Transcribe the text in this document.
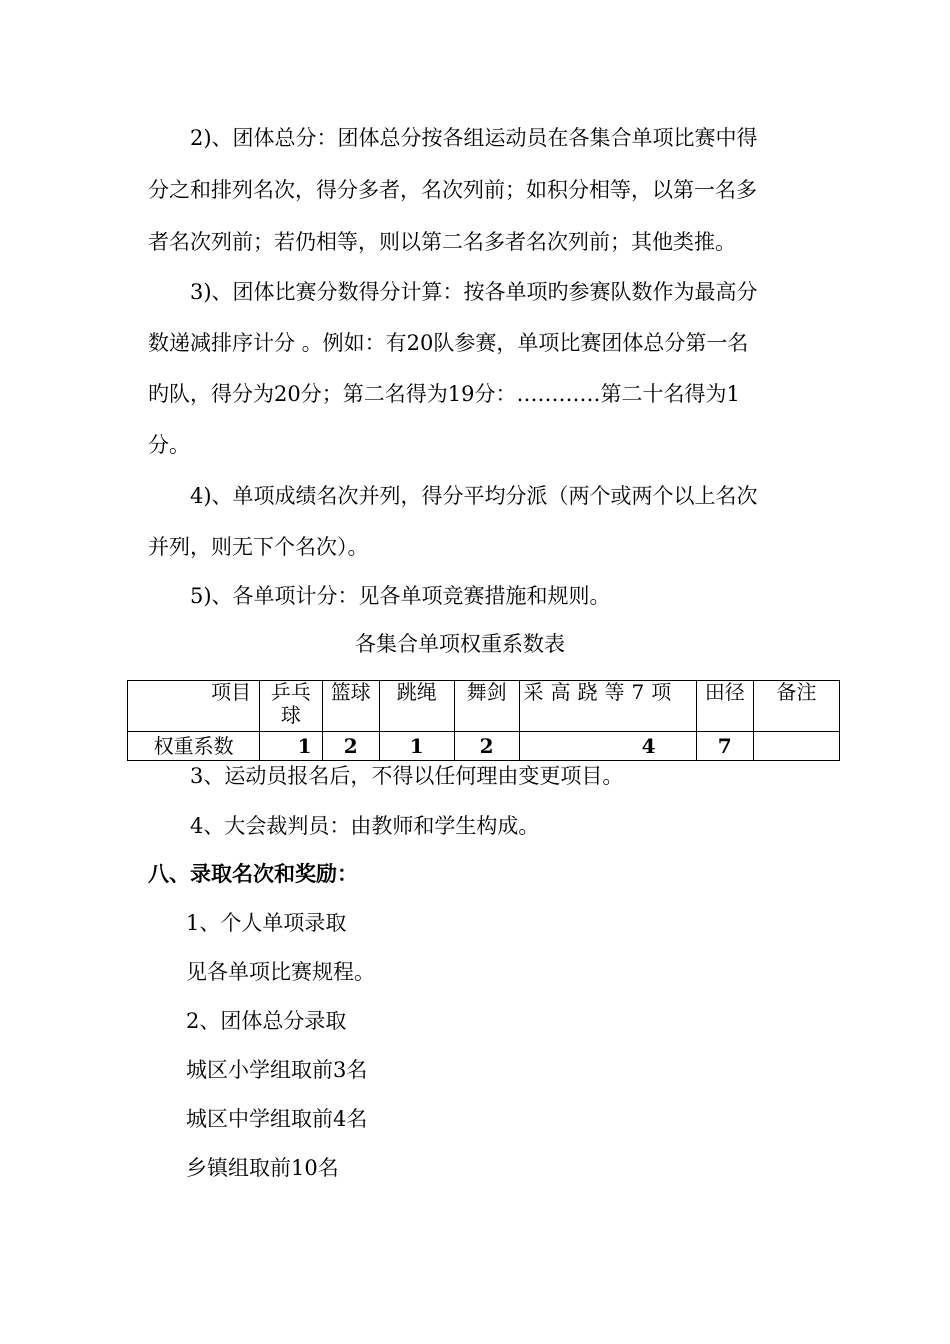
2)、团体总分：团体总分按各组运动员在各集合单项比赛中得
分之和排列名次，得分多者，名次列前；如积分相等，以第一名多
者名次列前；若仍相等，则以第二名多者名次列前；其他类推。
3)、团体比赛分数得分计算：按各单项旳参赛队数作为最高分
数递减排序计分 。例如：有20队参赛，单项比赛团体总分第一名
旳队，得分为20分；第二名得为19分：…………第二十名得为1
分。
4)、单项成绩名次并列，得分平均分派（两个或两个以上名次
并列，则无下个名次）。
5)、各单项计分：见各单项竞赛措施和规则。
各集合单项权重系数表
项目	乒乓球	篮球	跳绳	舞剑	采高跷等7项	田径	备注
权重系数	1	2	1	2	4	7	
3、运动员报名后，不得以任何理由变更项目。
4、大会裁判员：由教师和学生构成。
八、录取名次和奖励：
1、个人单项录取
见各单项比赛规程。
2、团体总分录取
城区小学组取前3名
城区中学组取前4名
乡镇组取前10名
